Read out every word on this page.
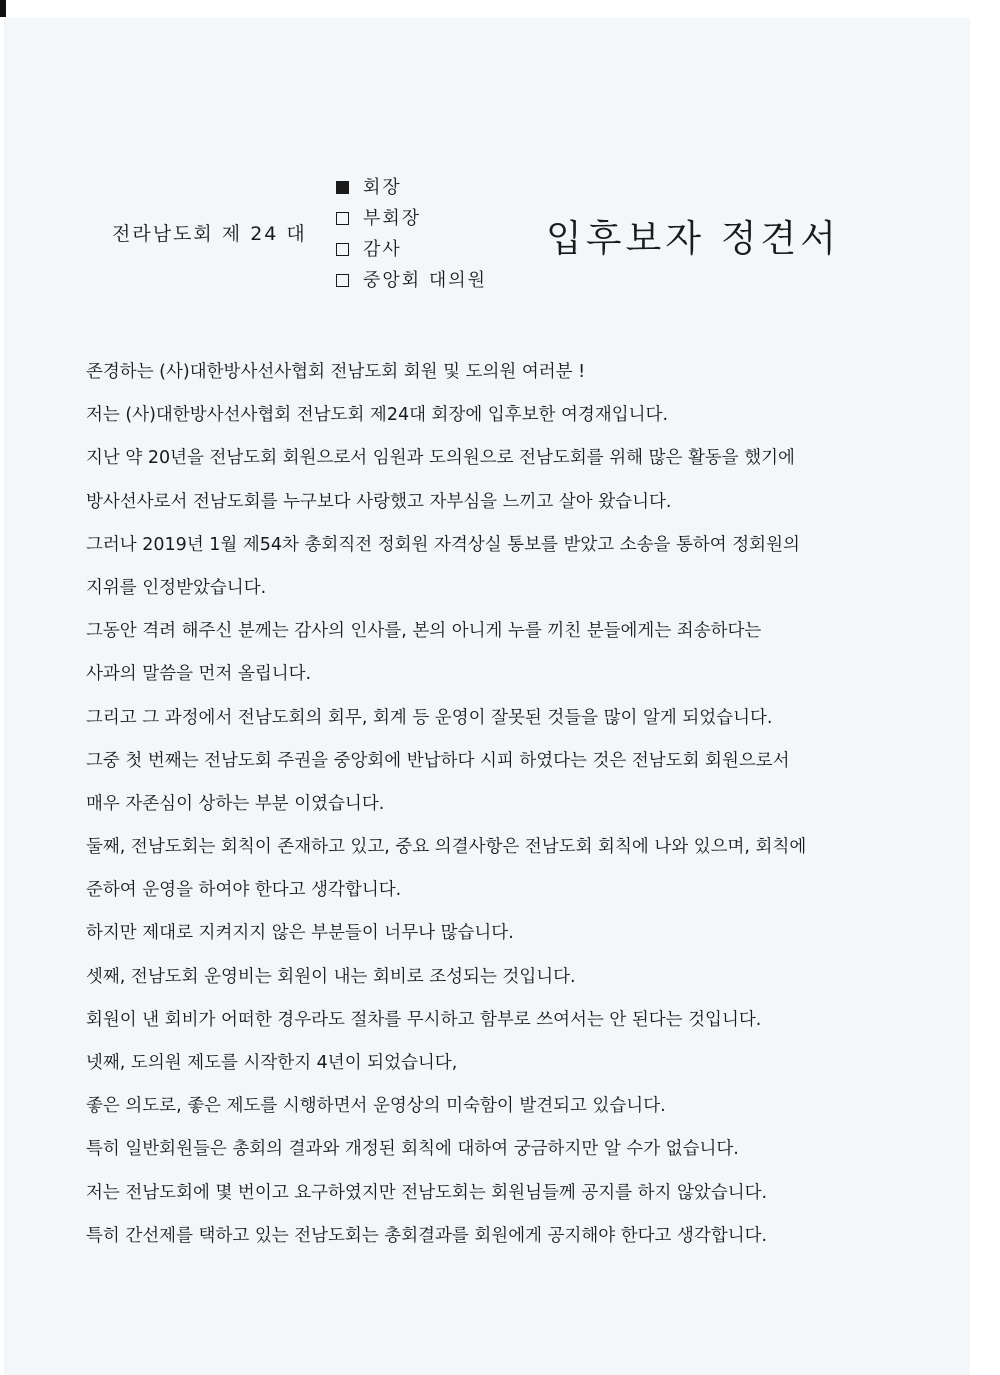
전라남도회 제 24 대
회장
부회장
감사
중앙회 대의원
입후보자 정견서
존경하는 (사)대한방사선사협회 전남도회 회원 및 도의원 여러분 !
저는 (사)대한방사선사협회 전남도회 제24대 회장에 입후보한 여경재입니다.
지난 약 20년을 전남도회 회원으로서 임원과 도의원으로 전남도회를 위해 많은 활동을 했기에
방사선사로서 전남도회를 누구보다 사랑했고 자부심을 느끼고 살아 왔습니다.
그러나 2019년 1월 제54차 총회직전 정회원 자격상실 통보를 받았고 소송을 통하여 정회원의
지위를 인정받았습니다.
그동안 격려 해주신 분께는 감사의 인사를, 본의 아니게 누를 끼친 분들에게는 죄송하다는
사과의 말씀을 먼저 올립니다.
그리고 그 과정에서 전남도회의 회무, 회계 등 운영이 잘못된 것들을 많이 알게 되었습니다.
그중 첫 번째는 전남도회 주권을 중앙회에 반납하다 시피 하였다는 것은 전남도회 회원으로서
매우 자존심이 상하는 부분 이였습니다.
둘째, 전남도회는 회칙이 존재하고 있고, 중요 의결사항은 전남도회 회칙에 나와 있으며, 회칙에
준하여 운영을 하여야 한다고 생각합니다.
하지만 제대로 지켜지지 않은 부분들이 너무나 많습니다.
셋째, 전남도회 운영비는 회원이 내는 회비로 조성되는 것입니다.
회원이 낸 회비가 어떠한 경우라도 절차를 무시하고 함부로 쓰여서는 안 된다는 것입니다.
넷째, 도의원 제도를 시작한지 4년이 되었습니다,
좋은 의도로, 좋은 제도를 시행하면서 운영상의 미숙함이 발견되고 있습니다.
특히 일반회원들은 총회의 결과와 개정된 회칙에 대하여 궁금하지만 알 수가 없습니다.
저는 전남도회에 몇 번이고 요구하였지만 전남도회는 회원님들께 공지를 하지 않았습니다.
특히 간선제를 택하고 있는 전남도회는 총회결과를 회원에게 공지해야 한다고 생각합니다.
